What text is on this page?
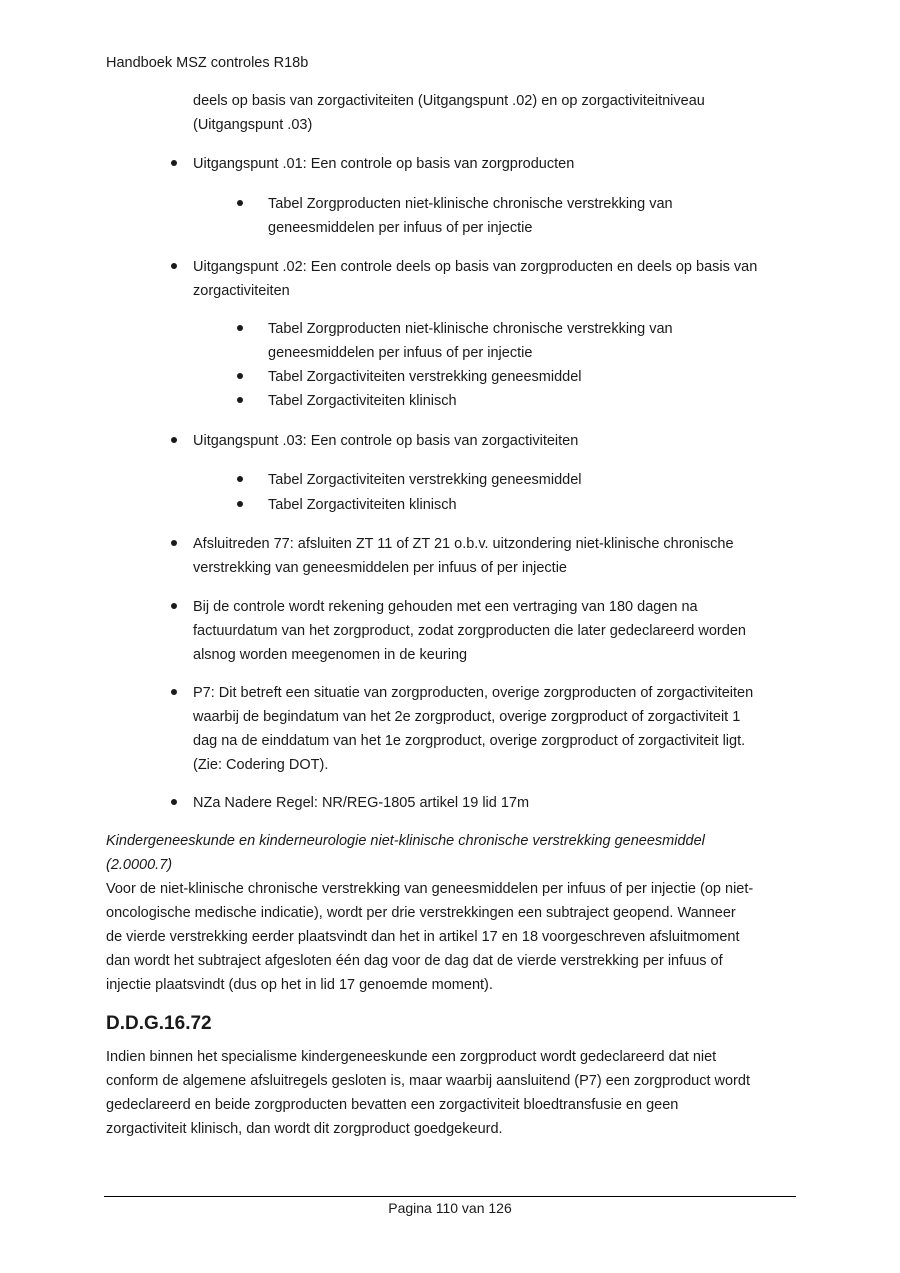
Handboek MSZ controles R18b
deels op basis van zorgactiviteiten (Uitgangspunt .02) en op zorgactiviteitniveau
(Uitgangspunt .03)
Uitgangspunt .01: Een controle op basis van zorgproducten
Tabel Zorgproducten niet-klinische chronische verstrekking van
geneesmiddelen per infuus of per injectie
Uitgangspunt .02: Een controle deels op basis van zorgproducten en deels op basis van
zorgactiviteiten
Tabel Zorgproducten niet-klinische chronische verstrekking van
geneesmiddelen per infuus of per injectie
Tabel Zorgactiviteiten verstrekking geneesmiddel
Tabel Zorgactiviteiten klinisch
Uitgangspunt .03: Een controle op basis van zorgactiviteiten
Tabel Zorgactiviteiten verstrekking geneesmiddel
Tabel Zorgactiviteiten klinisch
Afsluitreden 77: afsluiten ZT 11 of ZT 21 o.b.v. uitzondering niet-klinische chronische
verstrekking van geneesmiddelen per infuus of per injectie
Bij de controle wordt rekening gehouden met een vertraging van 180 dagen na
factuurdatum van het zorgproduct, zodat zorgproducten die later gedeclareerd worden
alsnog worden meegenomen in de keuring
P7: Dit betreft een situatie van zorgproducten, overige zorgproducten of zorgactiviteiten
waarbij de begindatum van het 2e zorgproduct, overige zorgproduct of zorgactiviteit 1
dag na de einddatum van het 1e zorgproduct, overige zorgproduct of zorgactiviteit ligt.
(Zie: Codering DOT).
NZa Nadere Regel: NR/REG-1805 artikel 19 lid 17m
Kindergeneeskunde en kinderneurologie niet-klinische chronische verstrekking geneesmiddel
(2.0000.7)
Voor de niet-klinische chronische verstrekking van geneesmiddelen per infuus of per injectie (op niet-
oncologische medische indicatie), wordt per drie verstrekkingen een subtraject geopend. Wanneer
de vierde verstrekking eerder plaatsvindt dan het in artikel 17 en 18 voorgeschreven afsluitmoment
dan wordt het subtraject afgesloten één dag voor de dag dat de vierde verstrekking per infuus of
injectie plaatsvindt (dus op het in lid 17 genoemde moment).
D.D.G.16.72
Indien binnen het specialisme kindergeneeskunde een zorgproduct wordt gedeclareerd dat niet
conform de algemene afsluitregels gesloten is, maar waarbij aansluitend (P7) een zorgproduct wordt
gedeclareerd en beide zorgproducten bevatten een zorgactiviteit bloedtransfusie en geen
zorgactiviteit klinisch, dan wordt dit zorgproduct goedgekeurd.
Pagina 110 van 126
